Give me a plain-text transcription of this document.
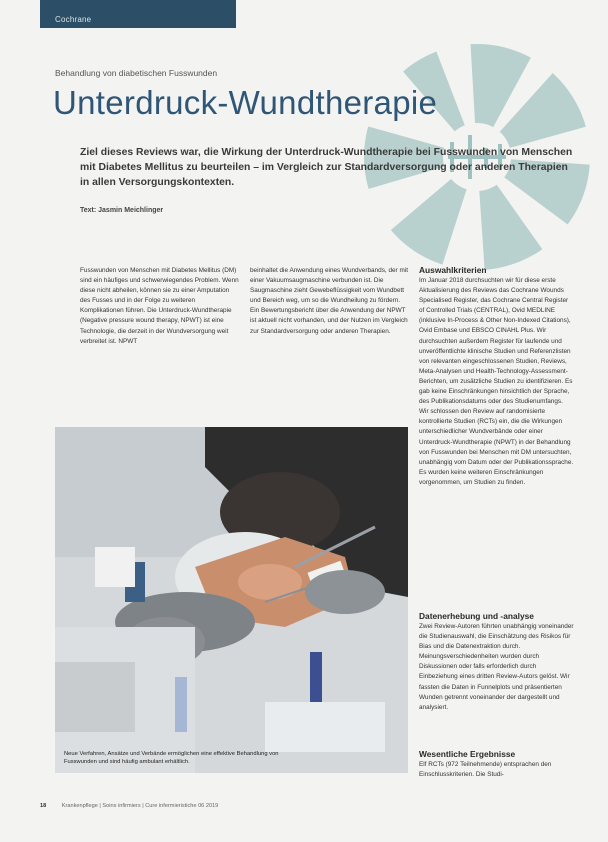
Cochrane
Behandlung von diabetischen Fusswunden
Unterdruck-Wundtherapie

Ziel dieses Reviews war, die Wirkung der Unterdruck-Wundtherapie bei Fusswunden von Menschen mit Diabetes Mellitus zu beurteilen – im Vergleich zur Standardversorgung oder anderen Therapien in allen Versorgungskontexten.

Text: Jasmin Meichlinger

Fusswunden von Menschen mit Diabetes Mellitus (DM) sind ein häufiges und schwerwiegendes Problem. Wenn diese nicht abheilen, können sie zu einer Amputation des Fusses und in der Folge zu weiteren Komplikationen führen. Die Unterdruck-Wundtherapie (Negative pressure wound therapy, NPWT) ist eine Technologie, die derzeit in der Wundversorgung weit verbreitet ist. NPWT

beinhaltet die Anwendung eines Wundverbands, der mit einer Vakuumsaugmaschine verbunden ist. Die Saugmaschine zieht Gewebeflüssigkeit vom Wundbett und Bereich weg, um so die Wundheilung zu fördern. Ein Bewertungsbericht über die Anwendung der NPWT ist aktuell nicht vorhanden, und der Nutzen im Vergleich zur Standardversorgung oder anderen Therapien.

Auswahlkriterien

Im Januar 2018 durchsuchten wir für diese erste Aktualisierung des Reviews das Cochrane Wounds Specialised Register, das Cochrane Central Register of Controlled Trials (CENTRAL), Ovid MEDLINE (inklusive In-Process & Other Non-Indexed Citations), Ovid Embase und EBSCO CINAHL Plus. Wir durchsuchten außerdem Register für laufende und unveröffentlichte klinische Studien und Referenzlisten von relevanten eingeschlossenen Studien, Reviews, Meta-Analysen und Health-Technology-Assessment-Berichten, um zusätzliche Studien zu identifizieren. Es gab keine Einschränkungen hinsichtlich der Sprache, des Publikationsdatums oder des Studienumfangs. Wir schlossen den Review auf randomisierte kontrollierte Studien (RCTs) ein, die die Wirkungen unterschiedlicher Wundverbände oder einer Unterdruck-Wundtherapie (NPWT) in der Behandlung von Fusswunden bei Menschen mit DM untersuchten, unabhängig vom Datum oder der Publikationssprache. Es wurden keine weiteren Einschränkungen vorgenommen, um Studien zu finden.

Datenerhebung und -analyse

Zwei Review-Autoren führten unabhängig voneinander die Studienauswahl, die Einschätzung des Risikos für Bias und die Datenextraktion durch. Meinungsverschiedenheiten wurden durch Diskussionen oder falls erforderlich durch Einbeziehung eines dritten Review-Autors gelöst. Wir fassten die Daten in Funnelplots und präsentierten Wunden getrennt voneinander der dargestellt und analysiert.

Wesentliche Ergebnisse

Elf RCTs (972 Teilnehmende) entsprachen den Einschlusskriterien. Die Studi-

Neue Verfahren, Ansätze und Verbände ermöglichen eine effektive Behandlung von Fusswunden und sind häufig ambulant erhältlich.
18	Krankenpflege | Soins infirmiers | Cure infermieristiche 06 2019
